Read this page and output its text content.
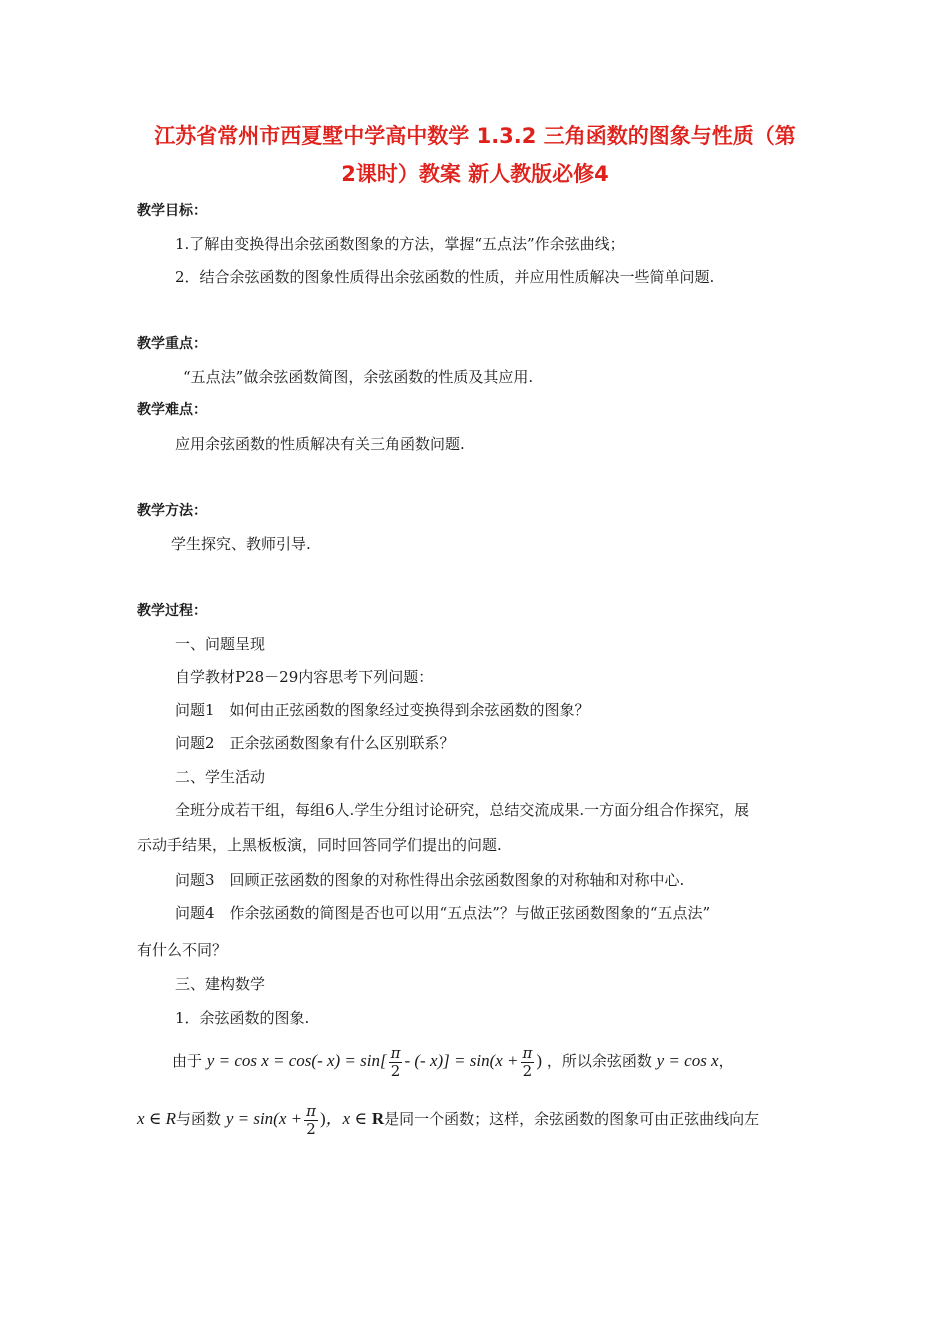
江苏省常州市西夏墅中学高中数学 1.3.2 三角函数的图象与性质（第
2课时）教案 新人教版必修4
教学目标：
1.了解由变换得出余弦函数图象的方法，掌握“五点法”作余弦曲线；
2．结合余弦函数的图象性质得出余弦函数的性质，并应用性质解决一些简单问题.
教学重点：
“五点法”做余弦函数简图，余弦函数的性质及其应用.
教学难点：
应用余弦函数的性质解决有关三角函数问题.
教学方法：
学生探究、教师引导.
教学过程：
一、问题呈现
自学教材P28－29内容思考下列问题：
问题1　如何由正弦函数的图象经过变换得到余弦函数的图象？
问题2　正余弦函数图象有什么区别联系？
二、学生活动
全班分成若干组，每组6人.学生分组讨论研究，总结交流成果.一方面分组合作探究，展
示动手结果，上黑板板演，同时回答同学们提出的问题.
问题3　回顾正弦函数的图象的对称性得出余弦函数图象的对称轴和对称中心.
问题4　作余弦函数的简图是否也可以用“五点法”？与做正弦函数图象的“五点法”
有什么不同？
三、建构数学
1．余弦函数的图象.
由于 y = cos x = cos(- $x) = \sin[ \frac{\pi}{2}$ - (- $x)] = \sin(x + \frac{\pi}{2}$ ) ，所以余弦函数 y = cos x，
x ∈ R与函数 $y = \sin(x + \frac{\pi}{2}$ )，x ∈ R是同一个函数；这样，余弦函数的图象可由正弦曲线向左
